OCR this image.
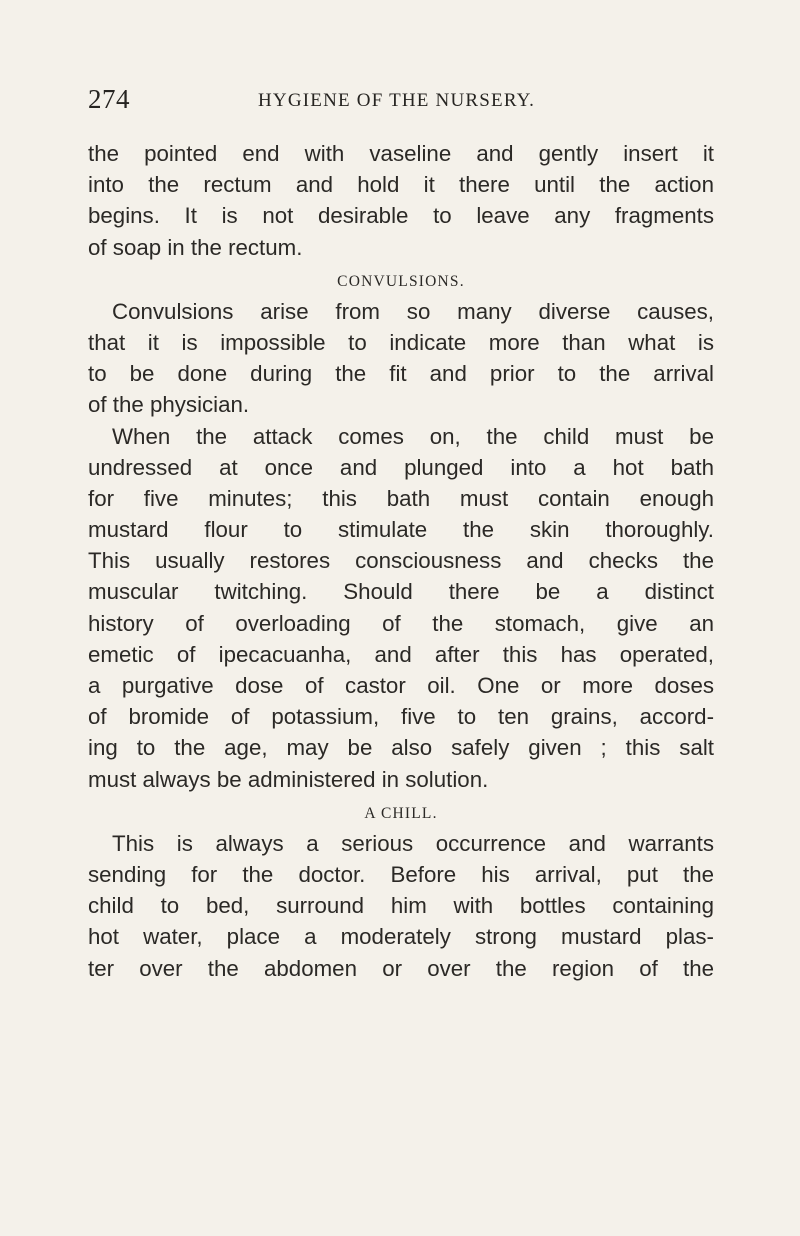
274	HYGIENE OF THE NURSERY.
the pointed end with vaseline and gently insert it
into the rectum and hold it there until the action
begins. It is not desirable to leave any fragments
of soap in the rectum.
CONVULSIONS.
Convulsions arise from so many diverse causes,
that it is impossible to indicate more than what is
to be done during the fit and prior to the arrival
of the physician.
When the attack comes on, the child must be
undressed at once and plunged into a hot bath
for five minutes; this bath must contain enough
mustard flour to stimulate the skin thoroughly.
This usually restores consciousness and checks the
muscular twitching. Should there be a distinct
history of overloading of the stomach, give an
emetic of ipecacuanha, and after this has operated,
a purgative dose of castor oil. One or more doses
of bromide of potassium, five to ten grains, accord-
ing to the age, may be also safely given ; this salt
must always be administered in solution.
A CHILL.
This is always a serious occurrence and warrants
sending for the doctor. Before his arrival, put the
child to bed, surround him with bottles containing
hot water, place a moderately strong mustard plas-
ter over the abdomen or over the region of the
